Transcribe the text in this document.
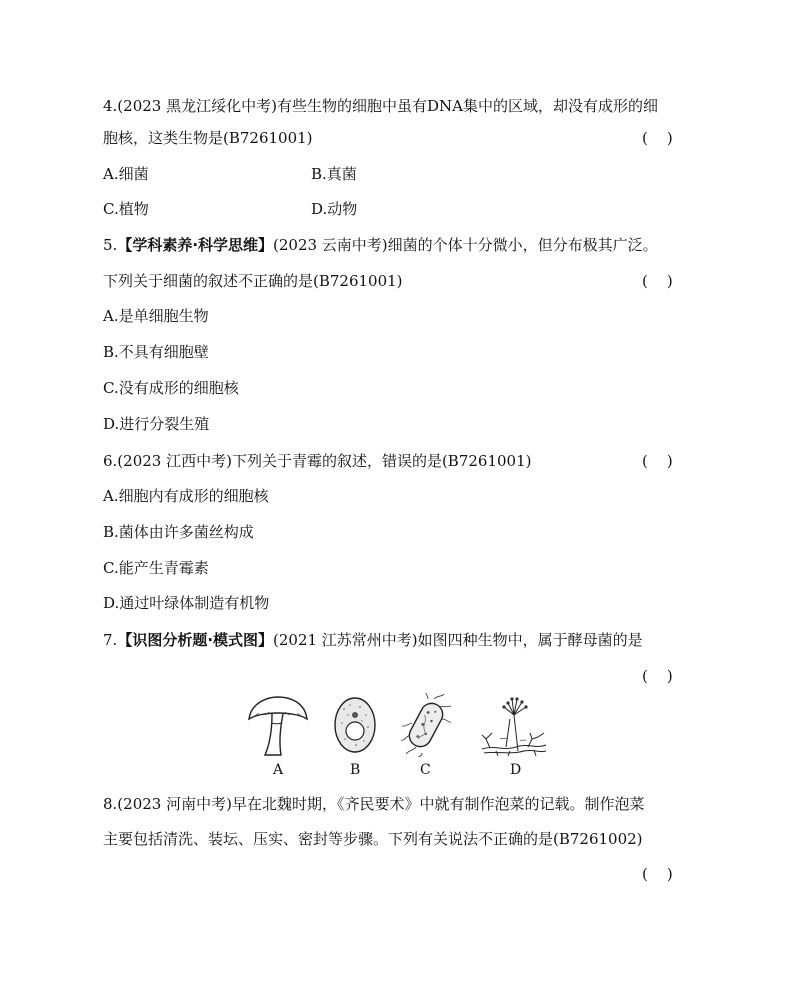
4.(2023 黑龙江绥化中考)有些生物的细胞中虽有DNA集中的区域，却没有成形的细
胞核，这类生物是(B7261001)	(    )
A.细菌	B.真菌
C.植物	D.动物
5.【学科素养·科学思维】(2023 云南中考)细菌的个体十分微小，但分布极其广泛。
下列关于细菌的叙述不正确的是(B7261001)	(    )
A.是单细胞生物
B.不具有细胞壁
C.没有成形的细胞核
D.进行分裂生殖
6.(2023 江西中考)下列关于青霉的叙述，错误的是(B7261001)	(    )
A.细胞内有成形的细胞核
B.菌体由许多菌丝构成
C.能产生青霉素
D.通过叶绿体制造有机物
7.【识图分析题·模式图】(2021 江苏常州中考)如图四种生物中，属于酵母菌的是
(    )
A	B	C	D
8.(2023 河南中考)早在北魏时期，《齐民要术》中就有制作泡菜的记载。制作泡菜
主要包括清洗、装坛、压实、密封等步骤。下列有关说法不正确的是(B7261002)
(    )
